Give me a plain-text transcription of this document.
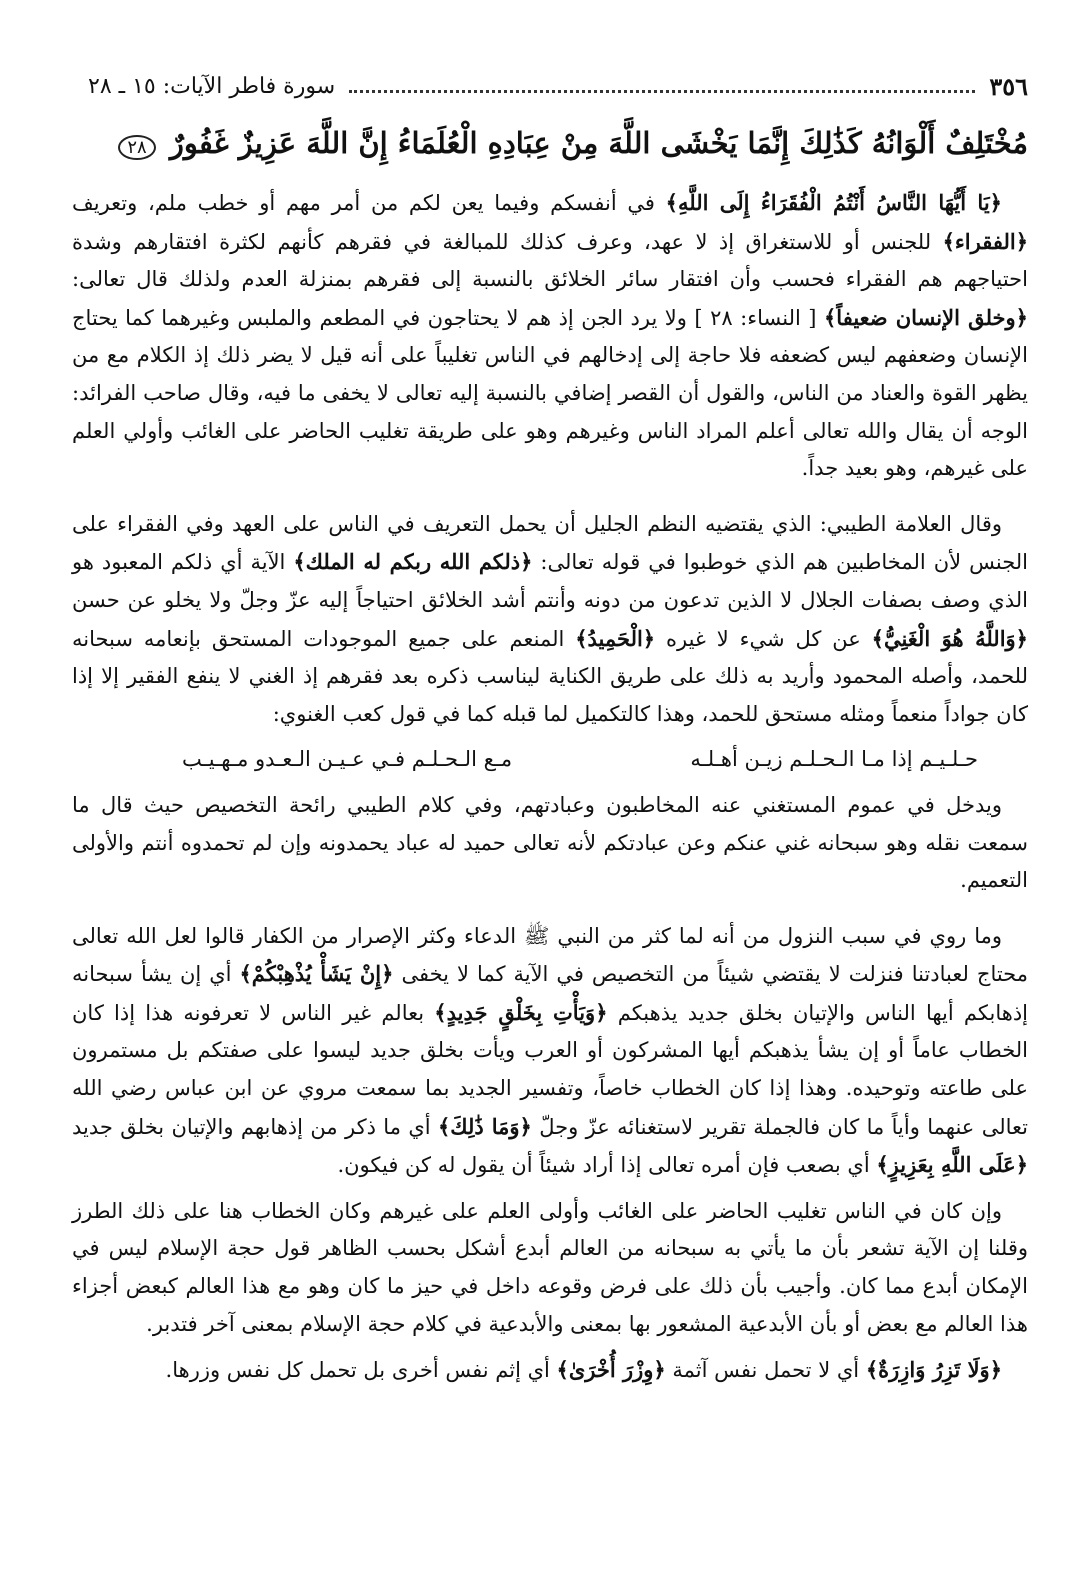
٣٥٦
سورة فاطر الآيات: ١٥ ـ ٢٨
مُخْتَلِفٌ أَلْوَانُهُ كَذَٰلِكَ إِنَّمَا يَخْشَى اللَّهَ مِنْ عِبَادِهِ الْعُلَمَاءُ إِنَّ اللَّهَ عَزِيزٌ غَفُورٌ ٢٨

﴿يَا أَيُّهَا النَّاسُ أَنْتُمُ الْفُقَرَاءُ إِلَى اللَّهِ﴾ في أنفسكم وفيما يعن لكم من أمر مهم أو خطب ملم، وتعريف ﴿الفقراء﴾ للجنس أو للاستغراق إذ لا عهد، وعرف كذلك للمبالغة في فقرهم كأنهم لكثرة افتقارهم وشدة احتياجهم هم الفقراء فحسب وأن افتقار سائر الخلائق بالنسبة إلى فقرهم بمنزلة العدم ولذلك قال تعالى: ﴿وخلق الإنسان ضعيفاً﴾ [ النساء: ٢٨ ] ولا يرد الجن إذ هم لا يحتاجون في المطعم والملبس وغيرهما كما يحتاج الإنسان وضعفهم ليس كضعفه فلا حاجة إلى إدخالهم في الناس تغليباً على أنه قيل لا يضر ذلك إذ الكلام مع من يظهر القوة والعناد من الناس، والقول أن القصر إضافي بالنسبة إليه تعالى لا يخفى ما فيه، وقال صاحب الفرائد: الوجه أن يقال والله تعالى أعلم المراد الناس وغيرهم وهو على طريقة تغليب الحاضر على الغائب وأولي العلم على غيرهم، وهو بعيد جداً.

وقال العلامة الطيبي: الذي يقتضيه النظم الجليل أن يحمل التعريف في الناس على العهد وفي الفقراء على الجنس لأن المخاطبين هم الذي خوطبوا في قوله تعالى: ﴿ذلكم الله ربكم له الملك﴾ الآية أي ذلكم المعبود هو الذي وصف بصفات الجلال لا الذين تدعون من دونه وأنتم أشد الخلائق احتياجاً إليه عزّ وجلّ ولا يخلو عن حسن ﴿وَاللَّهُ هُوَ الْغَنِيُّ﴾ عن كل شيء لا غيره ﴿الْحَمِيدُ﴾ المنعم على جميع الموجودات المستحق بإنعامه سبحانه للحمد، وأصله المحمود وأريد به ذلك على طريق الكناية ليناسب ذكره بعد فقرهم إذ الغني لا ينفع الفقير إلا إذا كان جواداً منعماً ومثله مستحق للحمد، وهذا كالتكميل لما قبله كما في قول كعب الغنوي:

حـلـيـم إذا مـا الـحـلـم زيـن أهـلـه
مـع الـحـلـم فـي عـيـن الـعـدو مـهـيـب

ويدخل في عموم المستغني عنه المخاطبون وعبادتهم، وفي كلام الطيبي رائحة التخصيص حيث قال ما سمعت نقله وهو سبحانه غني عنكم وعن عبادتكم لأنه تعالى حميد له عباد يحمدونه وإن لم تحمدوه أنتم والأولى التعميم.

وما روي في سبب النزول من أنه لما كثر من النبي ﷺ الدعاء وكثر الإصرار من الكفار قالوا لعل الله تعالى محتاج لعبادتنا فنزلت لا يقتضي شيئاً من التخصيص في الآية كما لا يخفى ﴿إِنْ يَشَأْ يُذْهِبْكُمْ﴾ أي إن يشأ سبحانه إذهابكم أيها الناس والإتيان بخلق جديد يذهبكم ﴿وَيَأْتِ بِخَلْقٍ جَدِيدٍ﴾ بعالم غير الناس لا تعرفونه هذا إذا كان الخطاب عاماً أو إن يشأ يذهبكم أيها المشركون أو العرب ويأت بخلق جديد ليسوا على صفتكم بل مستمرون على طاعته وتوحيده. وهذا إذا كان الخطاب خاصاً، وتفسير الجديد بما سمعت مروي عن ابن عباس رضي الله تعالى عنهما وأياً ما كان فالجملة تقرير لاستغنائه عزّ وجلّ ﴿وَمَا ذَٰلِكَ﴾ أي ما ذكر من إذهابهم والإتيان بخلق جديد ﴿عَلَى اللَّهِ بِعَزِيزٍ﴾ أي بصعب فإن أمره تعالى إذا أراد شيئاً أن يقول له كن فيكون.

وإن كان في الناس تغليب الحاضر على الغائب وأولى العلم على غيرهم وكان الخطاب هنا على ذلك الطرز وقلنا إن الآية تشعر بأن ما يأتي به سبحانه من العالم أبدع أشكل بحسب الظاهر قول حجة الإسلام ليس في الإمكان أبدع مما كان. وأجيب بأن ذلك على فرض وقوعه داخل في حيز ما كان وهو مع هذا العالم كبعض أجزاء هذا العالم مع بعض أو بأن الأبدعية المشعور بها بمعنى والأبدعية في كلام حجة الإسلام بمعنى آخر فتدبر.

﴿وَلَا تَزِرُ وَازِرَةٌ﴾ أي لا تحمل نفس آثمة ﴿وِزْرَ أُخْرَىٰ﴾ أي إثم نفس أخرى بل تحمل كل نفس وزرها.
